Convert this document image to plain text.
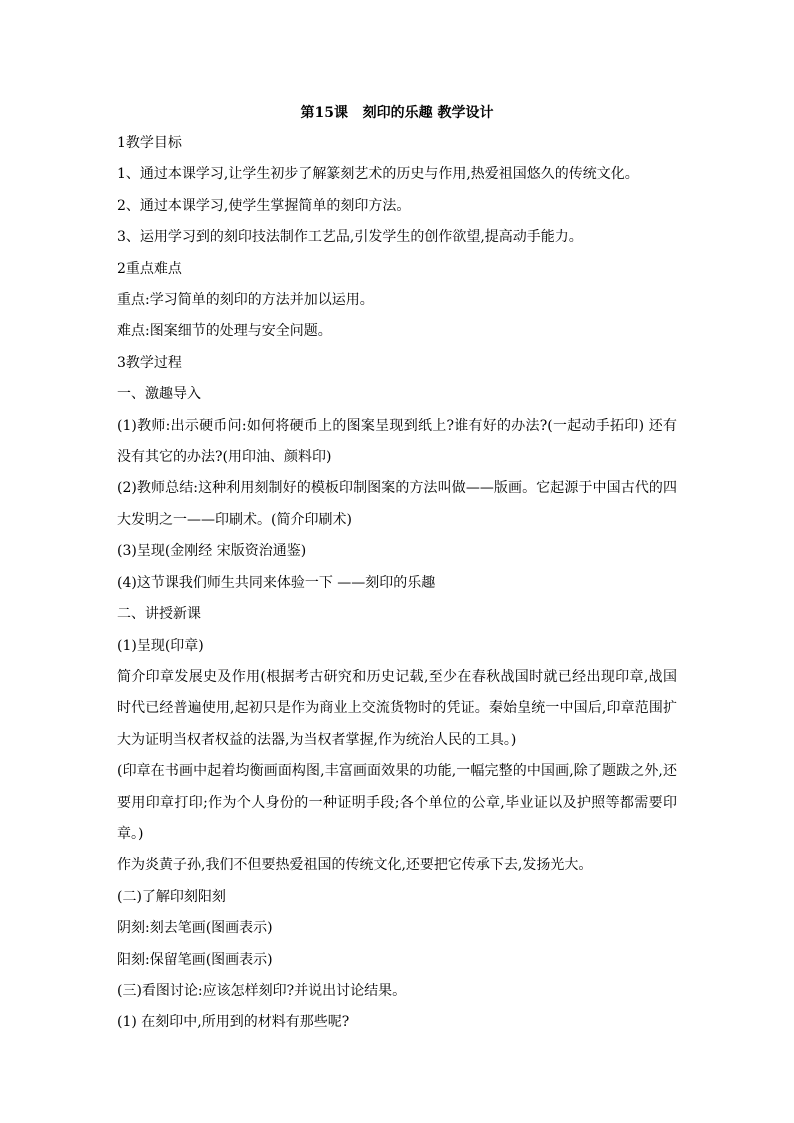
第15课   刻印的乐趣 教学设计

1教学目标

1、通过本课学习,让学生初步了解篆刻艺术的历史与作用,热爱祖国悠久的传统文化。

2、通过本课学习,使学生掌握简单的刻印方法。

3、运用学习到的刻印技法制作工艺品,引发学生的创作欲望,提高动手能力。

2重点难点

重点:学习简单的刻印的方法并加以运用。

难点:图案细节的处理与安全问题。

3教学过程

一、激趣导入

(1)教师:出示硬币问:如何将硬币上的图案呈现到纸上?谁有好的办法?(一起动手拓印) 还有没有其它的办法?(用印油、颜料印)

(2)教师总结:这种利用刻制好的模板印制图案的方法叫做——版画。它起源于中国古代的四大发明之一——印刷术。(简介印刷术)

(3)呈现(金刚经 宋版资治通鉴)

(4)这节课我们师生共同来体验一下 ——刻印的乐趣

二、讲授新课

(1)呈现(印章)

简介印章发展史及作用(根据考古研究和历史记载,至少在春秋战国时就已经出现印章,战国时代已经普遍使用,起初只是作为商业上交流货物时的凭证。秦始皇统一中国后,印章范围扩大为证明当权者权益的法器,为当权者掌握,作为统治人民的工具。)

(印章在书画中起着均衡画面构图,丰富画面效果的功能,一幅完整的中国画,除了题跋之外,还要用印章打印;作为个人身份的一种证明手段;各个单位的公章,毕业证以及护照等都需要印章。)

作为炎黄子孙,我们不但要热爱祖国的传统文化,还要把它传承下去,发扬光大。

(二)了解印刻阳刻

阴刻:刻去笔画(图画表示)

阳刻:保留笔画(图画表示)

(三)看图讨论:应该怎样刻印?并说出讨论结果。

(1) 在刻印中,所用到的材料有那些呢?
